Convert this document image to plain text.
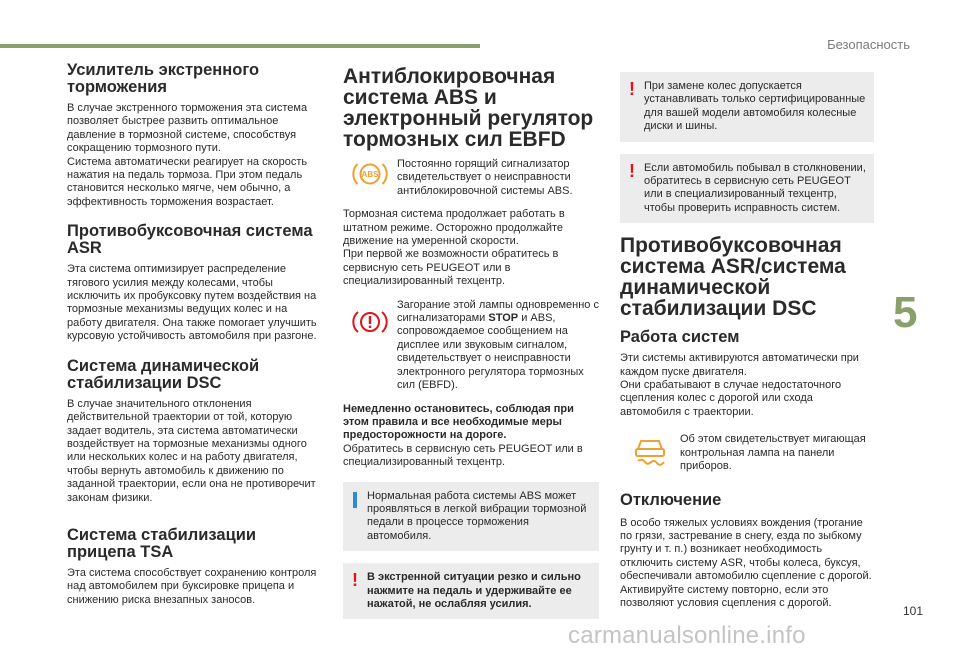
Безопасность
Усилитель экстренного торможения

В случае экстренного торможения эта система позволяет быстрее развить оптимальное давление в тормозной системе, способствуя сокращению тормозного пути.

Система автоматически реагирует на скорость нажатия на педаль тормоза. При этом педаль становится несколько мягче, чем обычно, а эффективность торможения возрастает.

Противобуксовочная система ASR

Эта система оптимизирует распределение тягового усилия между колесами, чтобы исключить их пробуксовку путем воздействия на тормозные механизмы ведущих колес и на работу двигателя. Она также помогает улучшить курсовую устойчивость автомобиля при разгоне.

Система динамической стабилизации DSC

В случае значительного отклонения действительной траектории от той, которую задает водитель, эта система автоматически воздействует на тормозные механизмы одного или нескольких колес и на работу двигателя, чтобы вернуть автомобиль к движению по заданной траектории, если она не противоречит законам физики.

Система стабилизации прицепа TSA

Эта система способствует сохранению контроля над автомобилем при буксировке прицепа и снижению риска внезапных заносов.

Антиблокировочная система ABS и электронный регулятор тормозных сил EBFD
ABS

Постоянно горящий сигнализатор свидетельствует о неисправности антиблокировочной системы ABS.

Тормозная система продолжает работать в штатном режиме. Осторожно продолжайте движение на умеренной скорости.

При первой же возможности обратитесь в сервисную сеть PEUGEOT или в специализированный техцентр.

Загорание этой лампы одновременно с сигнализаторами STOP и ABS, сопровождаемое сообщением на дисплее или звуковым сигналом, свидетельствует о неисправности электронного регулятора тормозных сил (EBFD).

Немедленно остановитесь, соблюдая при этом правила и все необходимые меры предосторожности на дороге.

Обратитесь в сервисную сеть PEUGEOT или в специализированный техцентр.

Нормальная работа системы ABS может проявляться в легкой вибрации тормозной педали в процессе торможения автомобиля.

! В экстренной ситуации резко и сильно нажмите на педаль и удерживайте ее нажатой, не ослабляя усилия.

! При замене колес допускается устанавливать только сертифицированные для вашей модели автомобиля колесные диски и шины.

! Если автомобиль побывал в столкновении, обратитесь в сервисную сеть PEUGEOT или в специализированный техцентр, чтобы проверить исправность систем.

Противобуксовочная система ASR/система динамической стабилизации DSC
Работа систем

Эти системы активируются автоматически при каждом пуске двигателя.

Они срабатывают в случае недостаточного сцепления колес с дорогой или схода автомобиля с траектории.

Об этом свидетельствует мигающая контрольная лампа на панели приборов.

Отключение

В особо тяжелых условиях вождения (трогание по грязи, застревание в снегу, езда по зыбкому грунту и т. п.) возникает необходимость отключить систему ASR, чтобы колеса, буксуя, обеспечивали автомобилю сцепление с дорогой.

Активируйте систему повторно, если это позволяют условия сцепления с дорогой.

5
101
carmanualsonline.info
